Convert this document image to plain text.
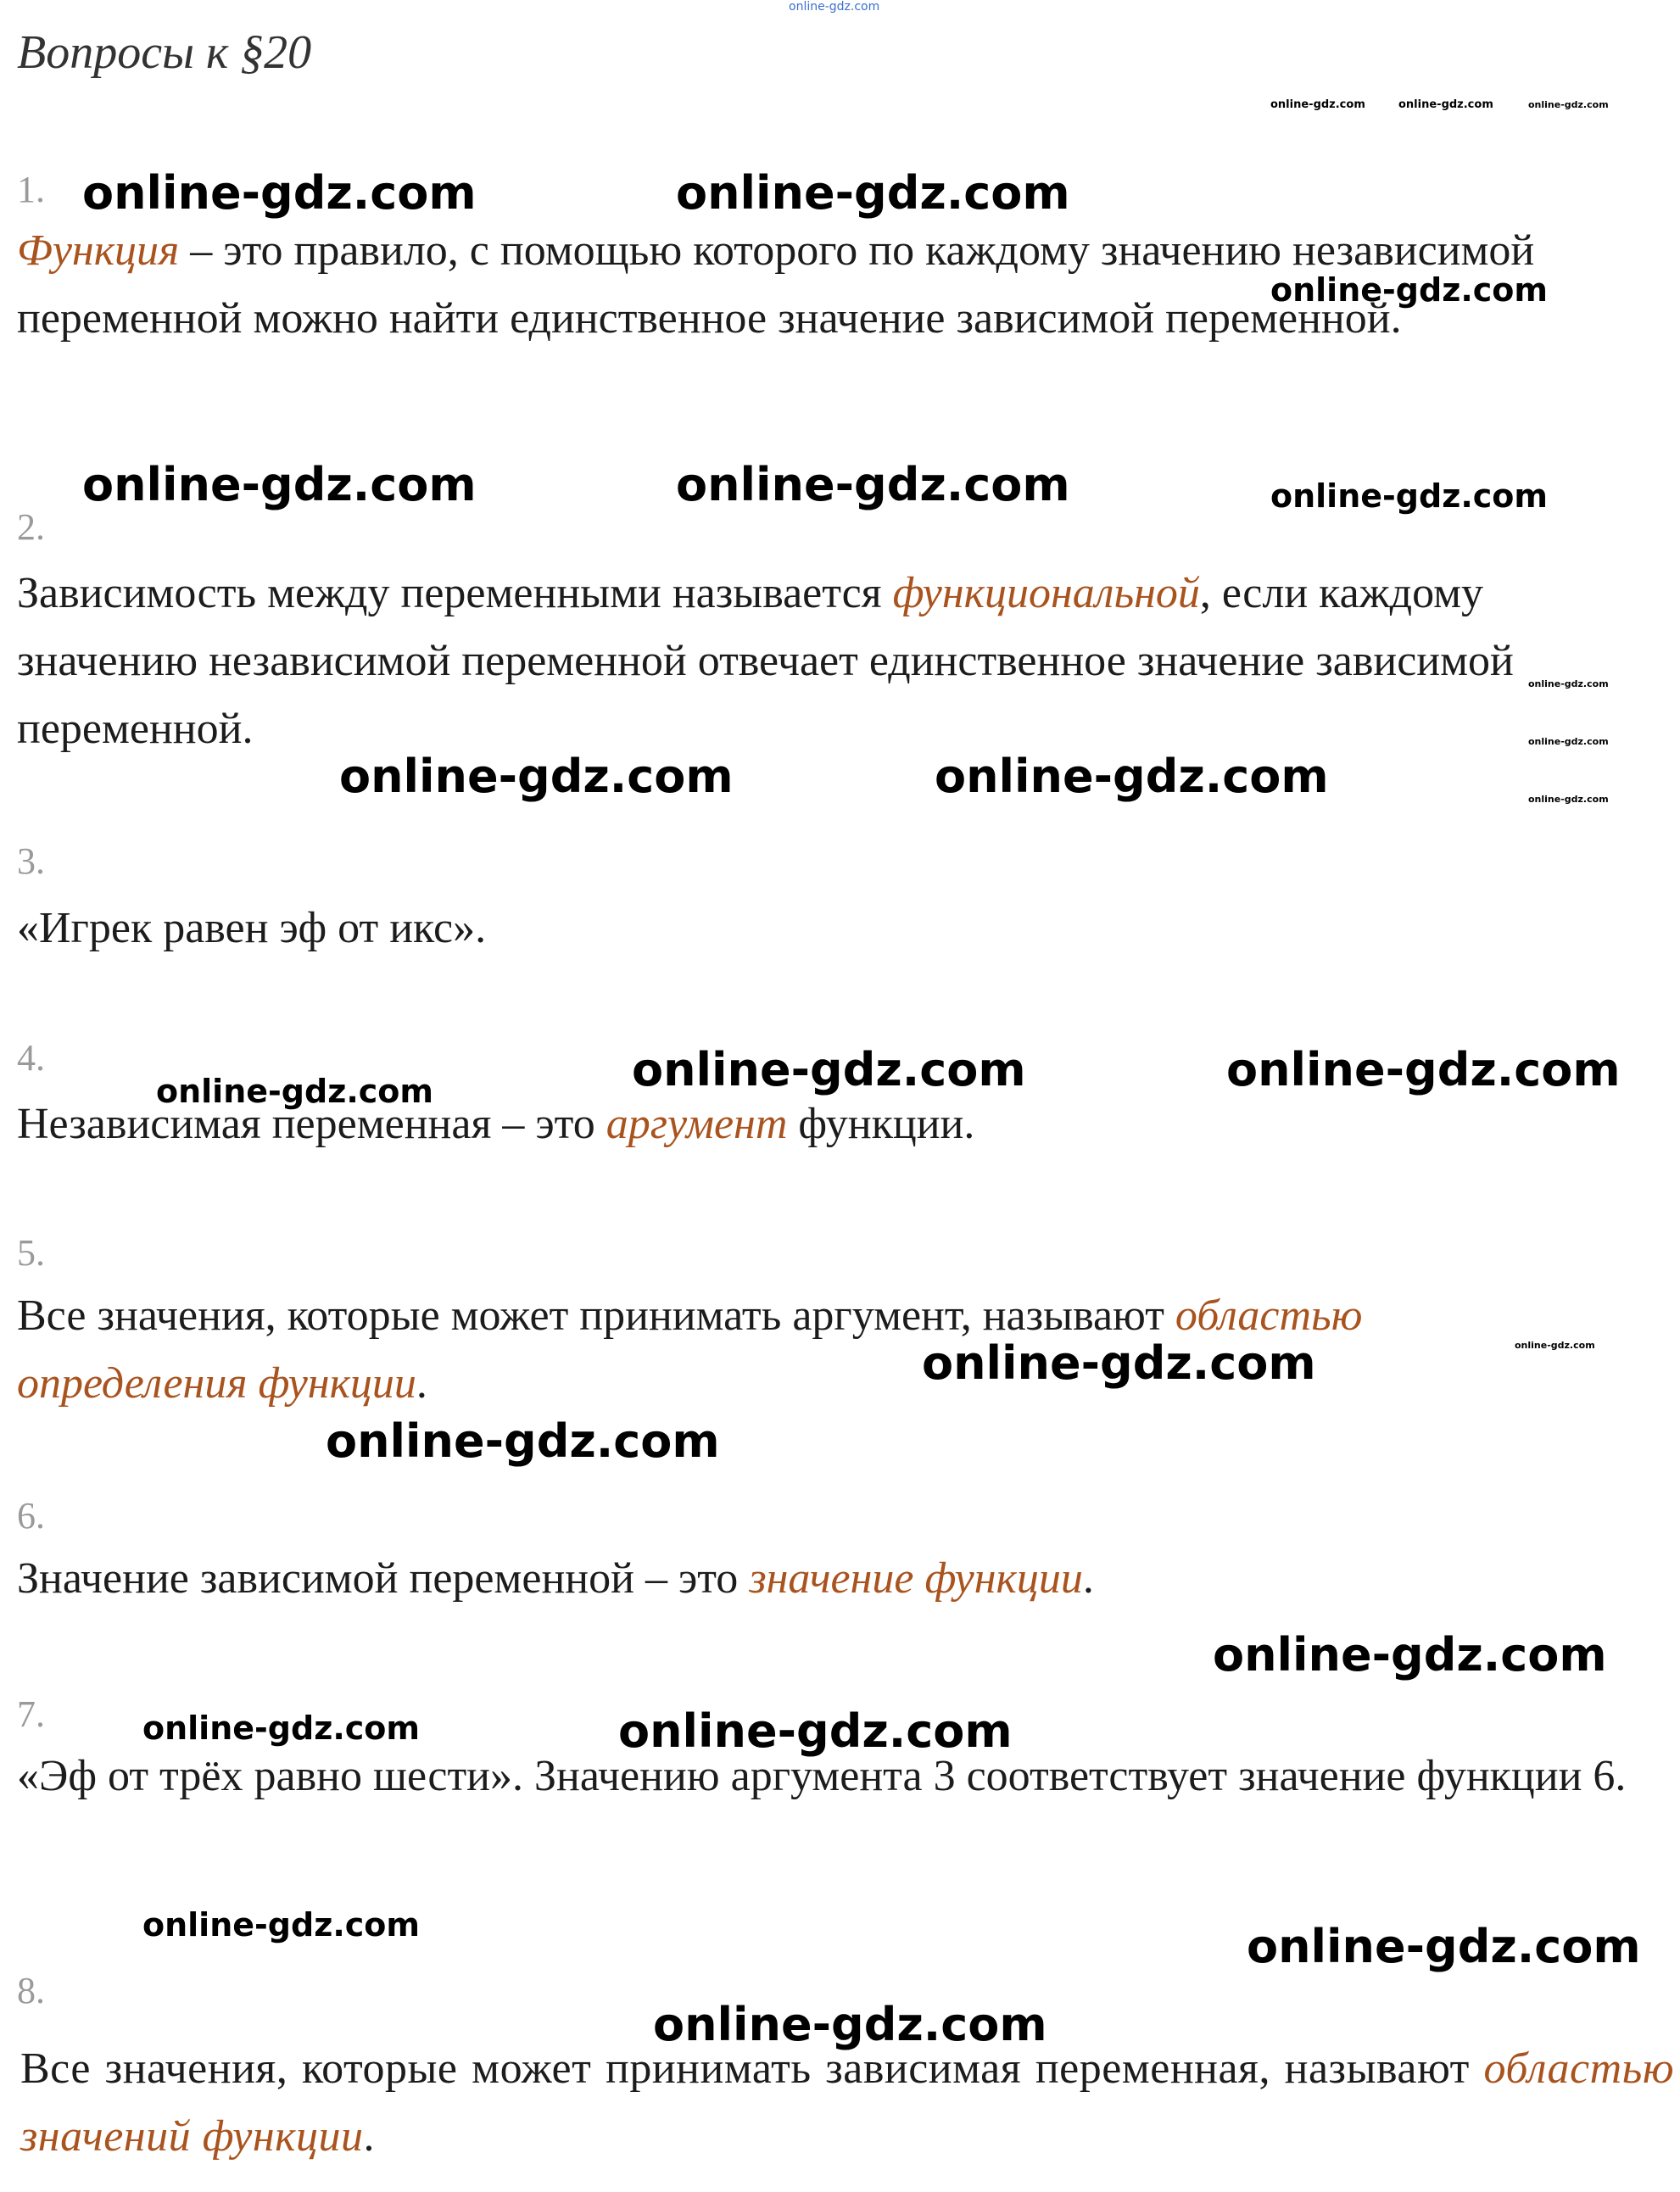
online-gdz.com
Вопросы к §20
online-gdz.com	online-gdz.com	online-gdz.com
1.
Функция – это правило, с помощью которого по каждому значению независимой переменной можно найти единственное значение зависимой переменной.
2.
Зависимость между переменными называется функциональной, если каждому значению независимой переменной отвечает единственное значение зависимой переменной.
3.
«Игрек равен эф от икс».
4.
Независимая переменная – это аргумент функции.
5.
Все значения, которые может принимать аргумент, называют областью определения функции.
6.
Значение зависимой переменной – это значение функции.
7.
«Эф от трёх равно шести». Значению аргумента 3 соответствует значение функции 6.
8.
Все значения, которые может принимать зависимая переменная, называют областью значений функции.
online-gdz.com	online-gdz.com
online-gdz.com
online-gdz.com	online-gdz.com	online-gdz.com
online-gdz.com
online-gdz.com
online-gdz.com
online-gdz.com	online-gdz.com
online-gdz.com	online-gdz.com
online-gdz.com
online-gdz.com	online-gdz.com
online-gdz.com
online-gdz.com
online-gdz.com	online-gdz.com
online-gdz.com	online-gdz.com
online-gdz.com
